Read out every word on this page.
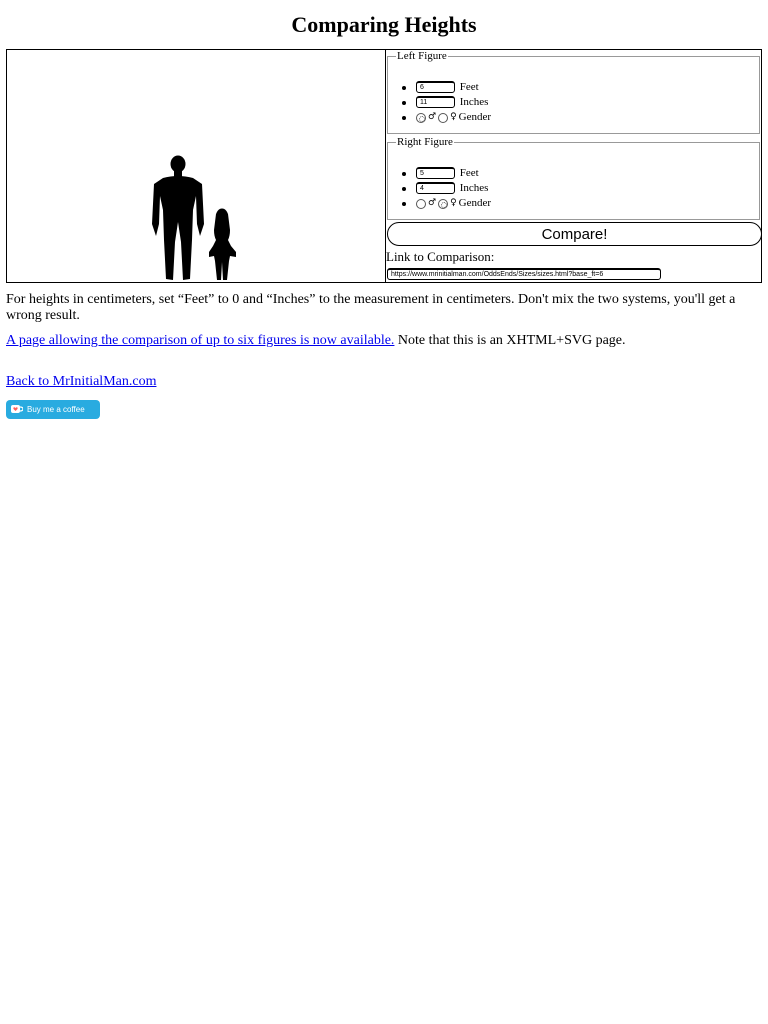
Comparing Heights
Left Figure
6 Feet
11 Inches
♂ ♀ Gender
Right Figure
5 Feet
4 Inches
♂ ♀ Gender
Compare!
Link to Comparison:
https://www.mrinitialman.com/OddsEnds/Sizes/sizes.html?base_ft=6

For heights in centimeters, set “Feet” to 0 and “Inches” to the measurement in centimeters. Don't mix the two systems, you'll get a wrong result.

A page allowing the comparison of up to six figures is now available. Note that this is an XHTML+SVG page.

Back to MrInitialMan.com

Buy me a coffee
